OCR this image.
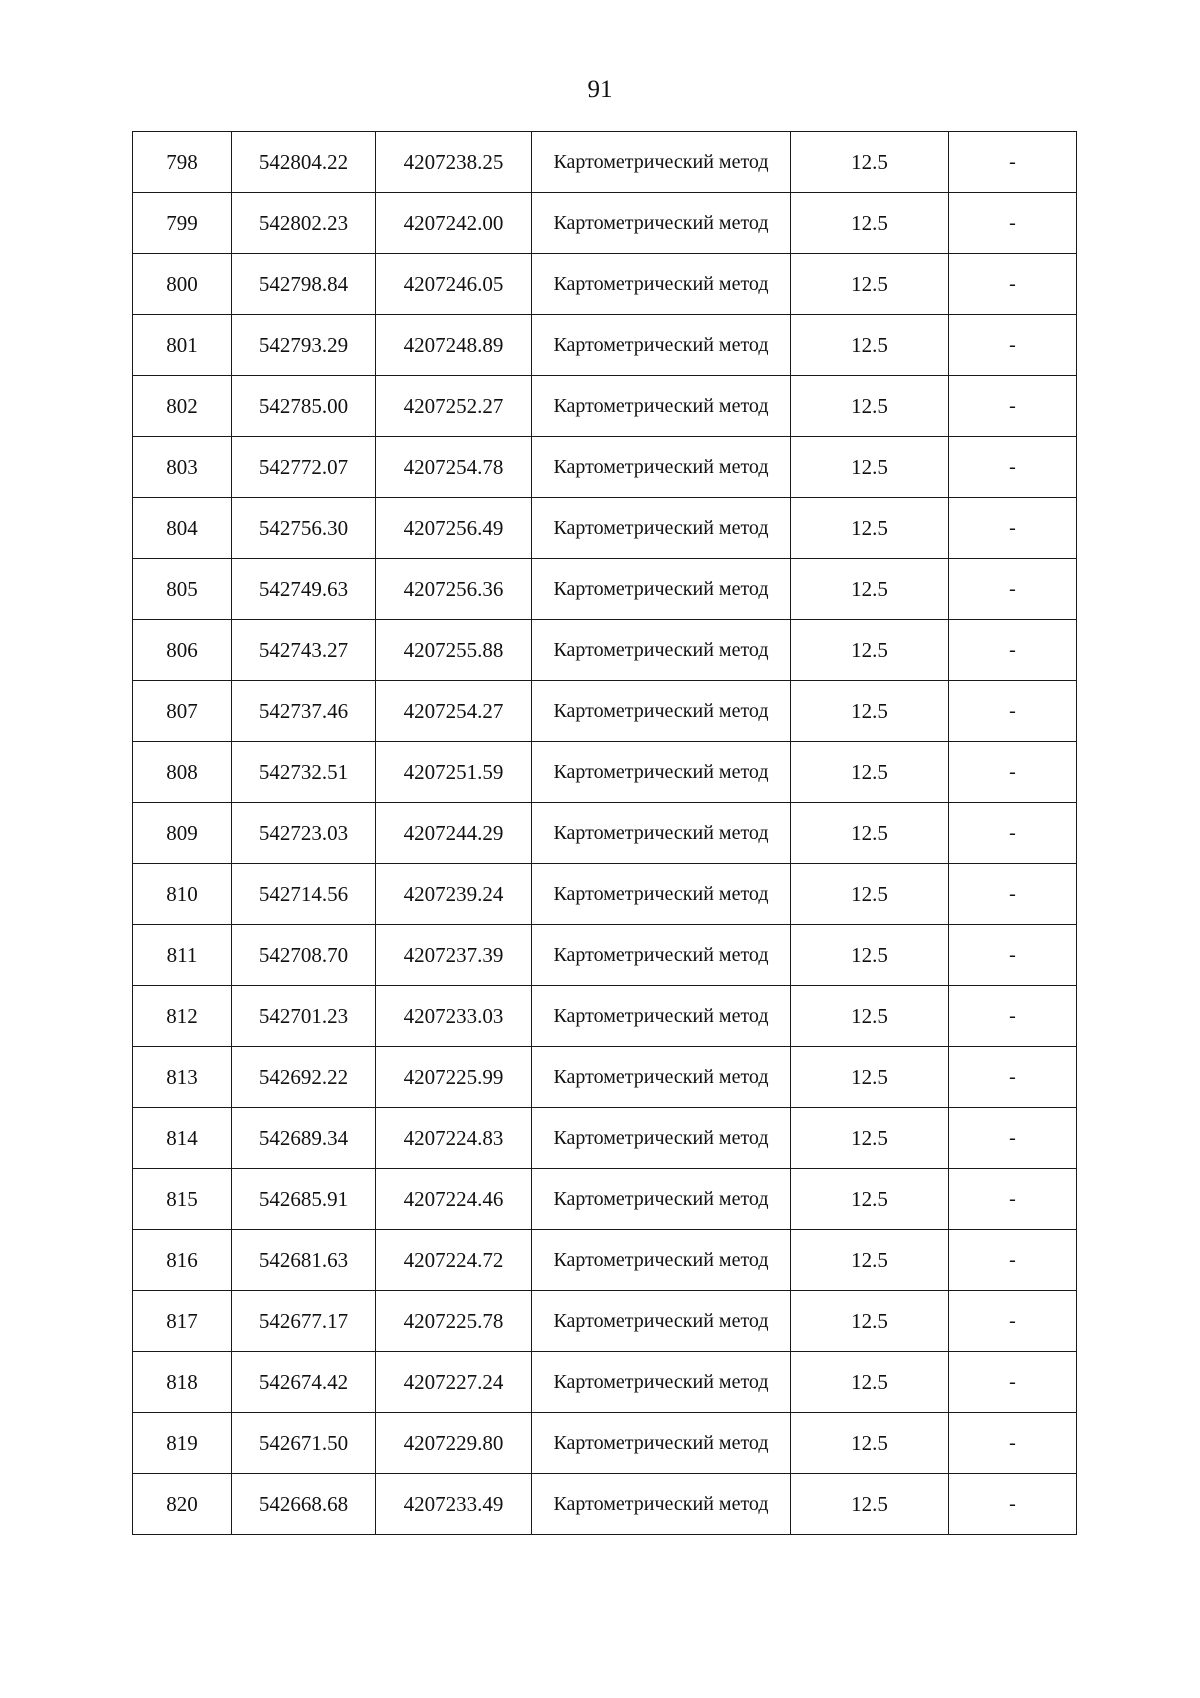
91
798	542804.22	4207238.25	Картометрический метод	12.5	-
799	542802.23	4207242.00	Картометрический метод	12.5	-
800	542798.84	4207246.05	Картометрический метод	12.5	-
801	542793.29	4207248.89	Картометрический метод	12.5	-
802	542785.00	4207252.27	Картометрический метод	12.5	-
803	542772.07	4207254.78	Картометрический метод	12.5	-
804	542756.30	4207256.49	Картометрический метод	12.5	-
805	542749.63	4207256.36	Картометрический метод	12.5	-
806	542743.27	4207255.88	Картометрический метод	12.5	-
807	542737.46	4207254.27	Картометрический метод	12.5	-
808	542732.51	4207251.59	Картометрический метод	12.5	-
809	542723.03	4207244.29	Картометрический метод	12.5	-
810	542714.56	4207239.24	Картометрический метод	12.5	-
811	542708.70	4207237.39	Картометрический метод	12.5	-
812	542701.23	4207233.03	Картометрический метод	12.5	-
813	542692.22	4207225.99	Картометрический метод	12.5	-
814	542689.34	4207224.83	Картометрический метод	12.5	-
815	542685.91	4207224.46	Картометрический метод	12.5	-
816	542681.63	4207224.72	Картометрический метод	12.5	-
817	542677.17	4207225.78	Картометрический метод	12.5	-
818	542674.42	4207227.24	Картометрический метод	12.5	-
819	542671.50	4207229.80	Картометрический метод	12.5	-
820	542668.68	4207233.49	Картометрический метод	12.5	-
